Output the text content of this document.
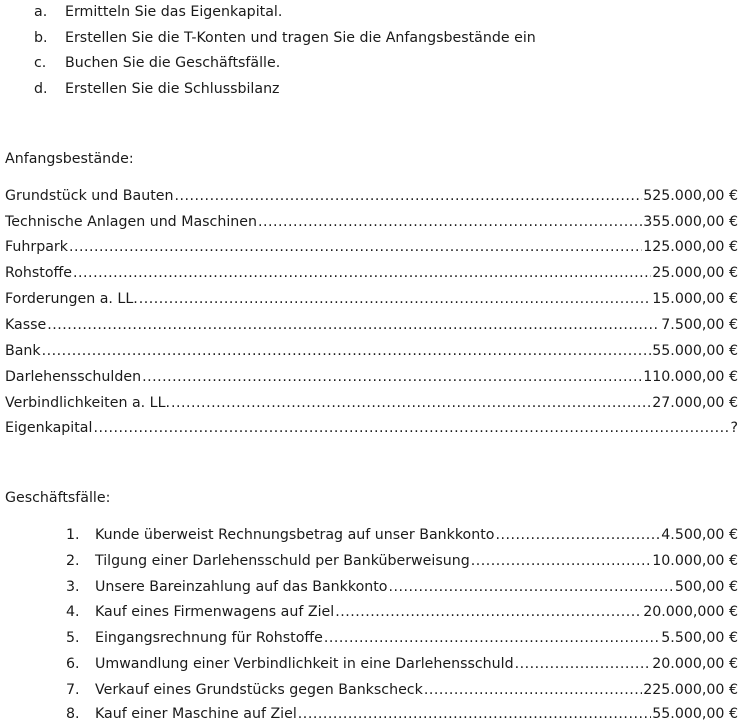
a. Ermitteln Sie das Eigenkapital.
b. Erstellen Sie die T-Konten und tragen Sie die Anfangsbestände ein
c. Buchen Sie die Geschäftsfälle.
d. Erstellen Sie die Schlussbilanz
Anfangsbestände:
Grundstück und Bauten .....	525.000,00 €
Technische Anlagen und Maschinen .....	355.000,00 €
Fuhrpark .....	125.000,00 €
Rohstoffe .....	25.000,00 €
Forderungen a. LL. .....	15.000,00 €
Kasse .....	7.500,00 €
Bank .....	55.000,00 €
Darlehensschulden .....	110.000,00 €
Verbindlichkeiten a. LL. .....	27.000,00 €
Eigenkapital .....	?
Geschäftsfälle:
1. Kunde überweist Rechnungsbetrag auf unser Bankkonto .....	4.500,00 €
2. Tilgung einer Darlehensschuld per Banküberweisung .....	10.000,00 €
3. Unsere Bareinzahlung auf das Bankkonto .....	500,00 €
4. Kauf eines Firmenwagens auf Ziel .....	20.000,000 €
5. Eingangsrechnung für Rohstoffe .....	5.500,00 €
6. Umwandlung einer Verbindlichkeit in eine Darlehensschuld .....	20.000,00 €
7. Verkauf eines Grundstücks gegen Bankscheck .....	225.000,00 €
8. Kauf einer Maschine auf Ziel .....	55.000,00 €
